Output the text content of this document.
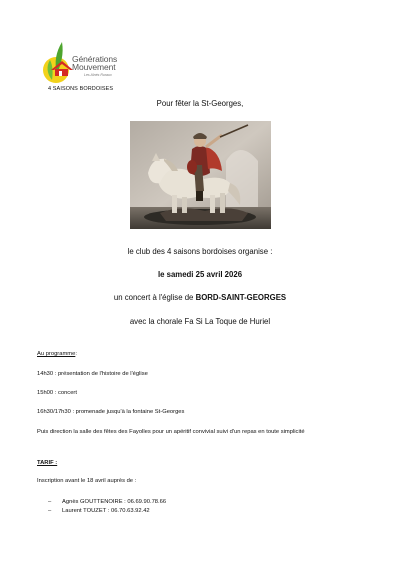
Générations
Mouvement
Les Aînés Ruraux
4 SAISONS BORDOISES
Pour fêter la St-Georges,
le club des 4 saisons bordoises organise :
le samedi 25 avril 2026
un concert à l'église de BORD-SAINT-GEORGES
avec la chorale Fa Si La Toque de Huriel
Au programme:
14h30 : présentation de l'histoire de l'église
15h00 : concert
16h30/17h30 : promenade jusqu'à la fontaine St-Georges
Puis direction la salle des fêtes des Fayolles pour un apéritif convivial suivi d'un repas en toute simplicité
TARIF :
Inscription avant le 18 avril auprès de :
– Agnès GOUTTENOIRE : 06.69.90.78.66
– Laurent TOUZET : 06.70.63.92.42
